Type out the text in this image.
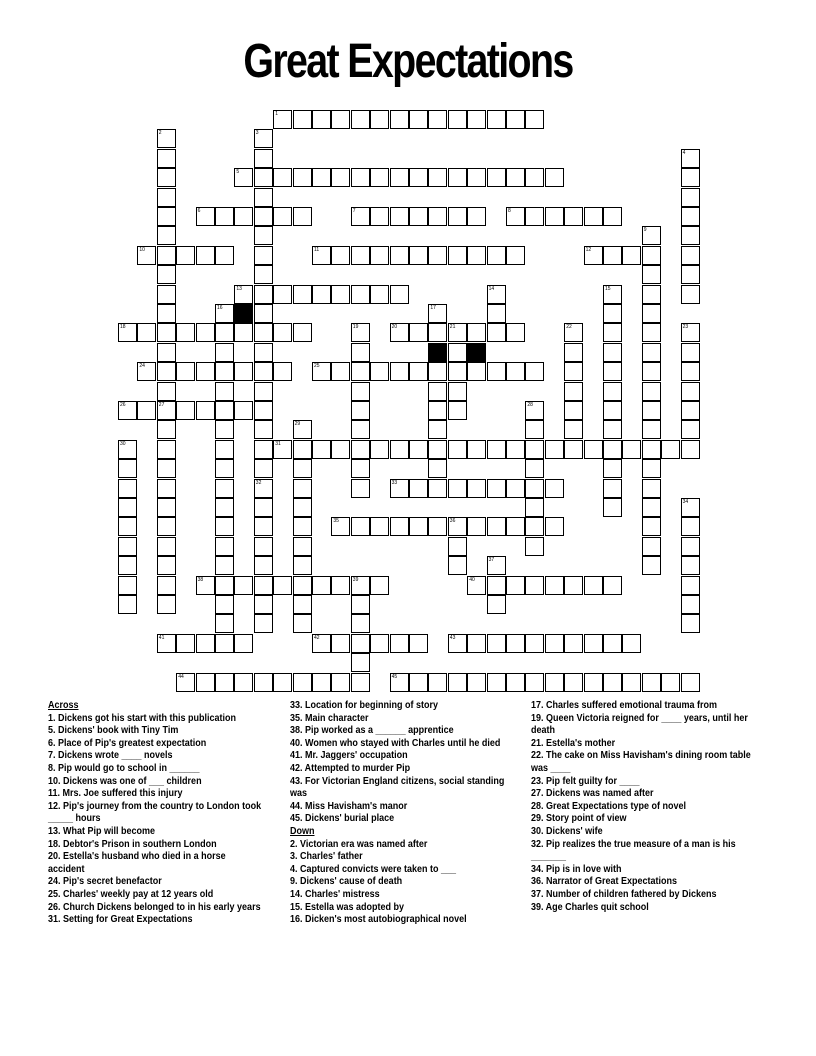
Great Expectations
1
2
27
3
32
4
5
6	7	8
9
10	11	12
13	14	15
16	17
18	19	20	21	22	23
24	25
26	28
29
30	31
33
34
35	36
37
38	39	40
41	42	43
44	45
Across
1. Dickens got his start with this publication
5. Dickens' book with Tiny Tim
6. Place of Pip's greatest expectation
7. Dickens wrote ____ novels
8. Pip would go to school in ______
10. Dickens was one of ___ children
11. Mrs. Joe suffered this injury
12. Pip's journey from the country to London took _____ hours
13. What Pip will become
18. Debtor's Prison in southern London
20. Estella's husband who died in a horse accident
24. Pip's secret benefactor
25. Charles' weekly pay at 12 years old
26. Church Dickens belonged to in his early years
31. Setting for Great Expectations
33. Location for beginning of story
35. Main character
38. Pip worked as a ______ apprentice
40. Women who stayed with Charles until he died
41. Mr. Jaggers' occupation
42. Attempted to murder Pip
43. For Victorian England citizens, social standing was
44. Miss Havisham's manor
45. Dickens' burial place
Down
2. Victorian era was named after
3. Charles' father
4. Captured convicts were taken to ___
9. Dickens' cause of death
14. Charles' mistress
15. Estella was adopted by
16. Dicken's most autobiographical novel
17. Charles suffered emotional trauma from
19. Queen Victoria reigned for ____ years, until her death
21. Estella's mother
22. The cake on Miss Havisham's dining room table was ____
23. Pip felt guilty for ____
27. Dickens was named after
28. Great Expectations type of novel
29. Story point of view
30. Dickens' wife
32. Pip realizes the true measure of a man is his _______
34. Pip is in love with
36. Narrator of Great Expectations
37. Number of children fathered by Dickens
39. Age Charles quit school
